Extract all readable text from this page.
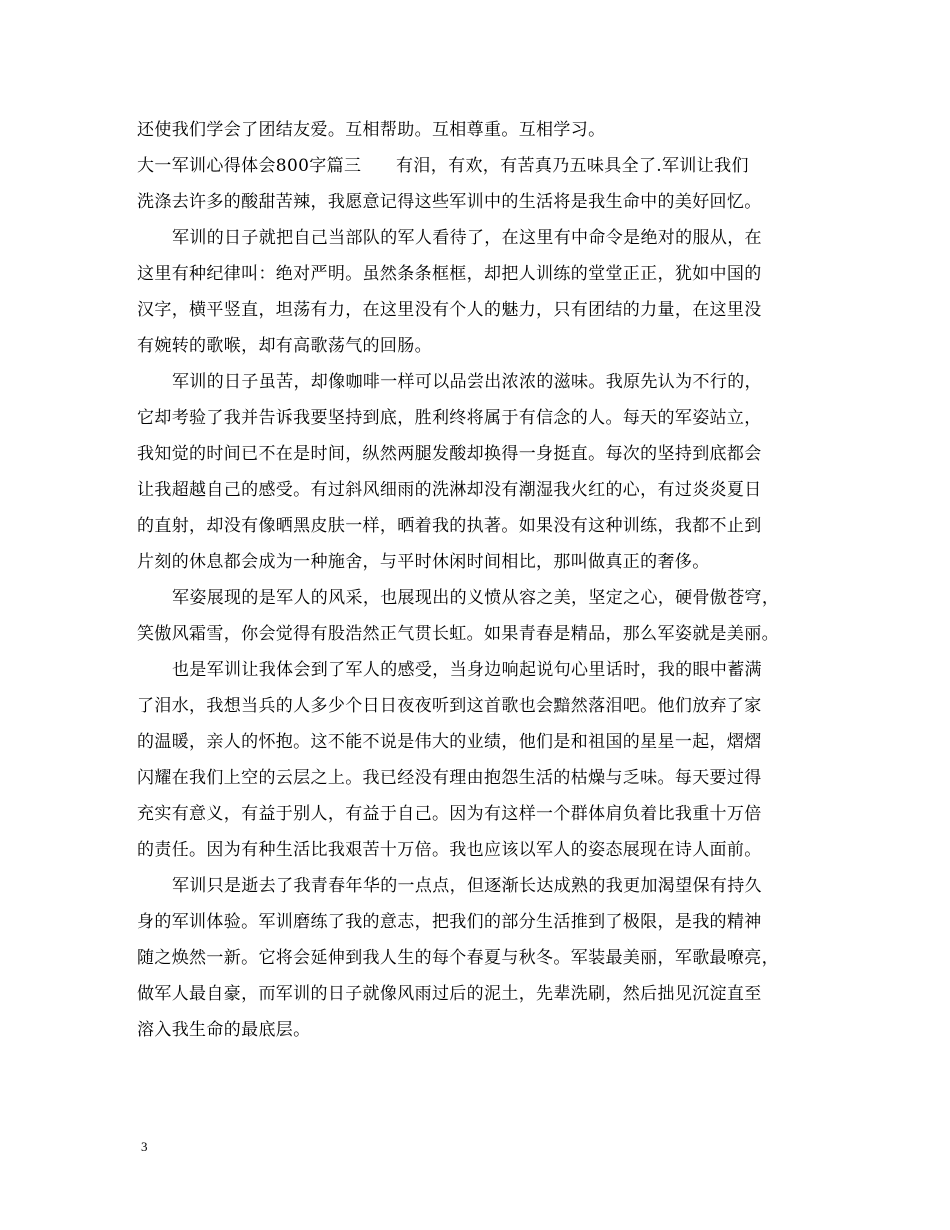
还使我们学会了团结友爱。互相帮助。互相尊重。互相学习。
大一军训心得体会800字篇三　　有泪，有欢，有苦真乃五味具全了.军训让我们
洗涤去许多的酸甜苦辣，我愿意记得这些军训中的生活将是我生命中的美好回忆。
军训的日子就把自己当部队的军人看待了，在这里有中命令是绝对的服从，在
这里有种纪律叫：绝对严明。虽然条条框框，却把人训练的堂堂正正，犹如中国的
汉字，横平竖直，坦荡有力，在这里没有个人的魅力，只有团结的力量，在这里没
有婉转的歌喉，却有高歌荡气的回肠。
军训的日子虽苦，却像咖啡一样可以品尝出浓浓的滋味。我原先认为不行的，
它却考验了我并告诉我要坚持到底，胜利终将属于有信念的人。每天的军姿站立，
我知觉的时间已不在是时间，纵然两腿发酸却换得一身挺直。每次的坚持到底都会
让我超越自己的感受。有过斜风细雨的洗淋却没有潮湿我火红的心，有过炎炎夏日
的直射，却没有像晒黑皮肤一样，晒着我的执著。如果没有这种训练，我都不止到
片刻的休息都会成为一种施舍，与平时休闲时间相比，那叫做真正的奢侈。
军姿展现的是军人的风采，也展现出的义愤从容之美，坚定之心，硬骨傲苍穹，
笑傲风霜雪，你会觉得有股浩然正气贯长虹。如果青春是精品，那么军姿就是美丽。
也是军训让我体会到了军人的感受，当身边响起说句心里话时，我的眼中蓄满
了泪水，我想当兵的人多少个日日夜夜听到这首歌也会黯然落泪吧。他们放弃了家
的温暖，亲人的怀抱。这不能不说是伟大的业绩，他们是和祖国的星星一起，熠熠
闪耀在我们上空的云层之上。我已经没有理由抱怨生活的枯燥与乏味。每天要过得
充实有意义，有益于别人，有益于自己。因为有这样一个群体肩负着比我重十万倍
的责任。因为有种生活比我艰苦十万倍。我也应该以军人的姿态展现在诗人面前。
军训只是逝去了我青春年华的一点点，但逐渐长达成熟的我更加渴望保有持久
身的军训体验。军训磨练了我的意志，把我们的部分生活推到了极限，是我的精神
随之焕然一新。它将会延伸到我人生的每个春夏与秋冬。军装最美丽，军歌最嘹亮，
做军人最自豪，而军训的日子就像风雨过后的泥土，先辈洗刷，然后拙见沉淀直至
溶入我生命的最底层。
3
